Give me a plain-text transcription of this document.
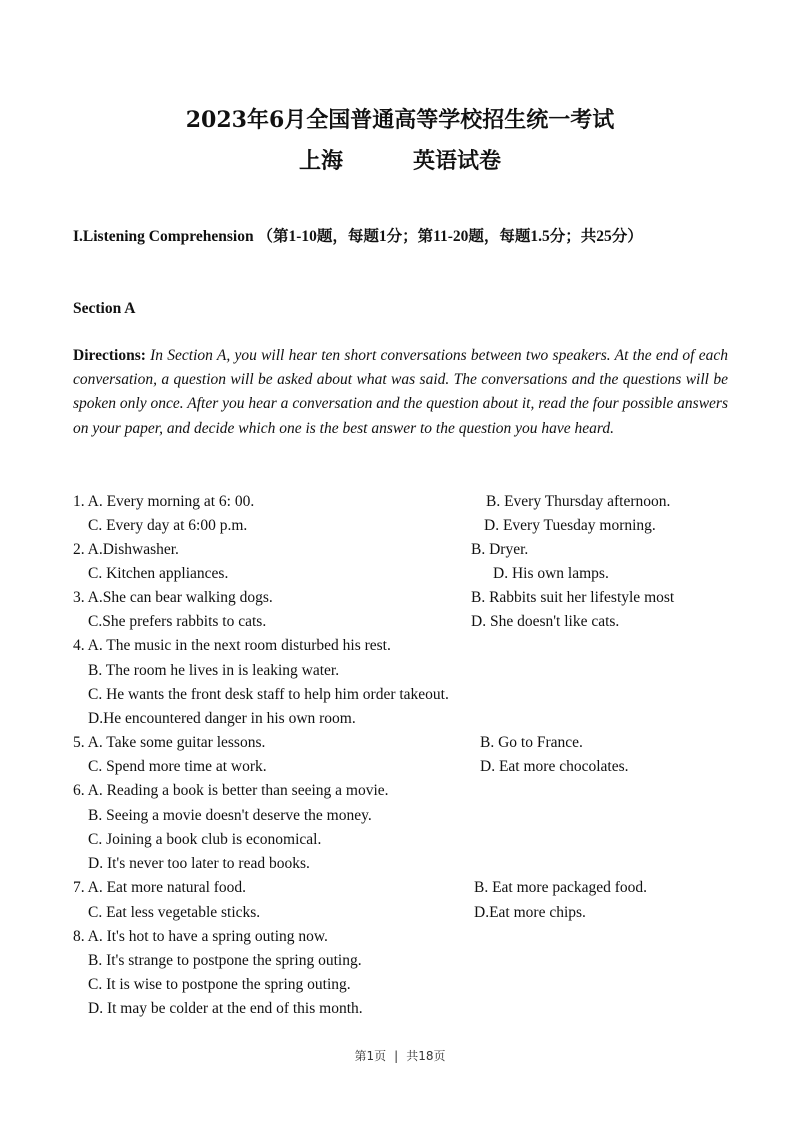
2023年6月全国普通高等学校招生统一考试
上海	英语试卷
I.Listening Comprehension （第1-10题，每题1分；第11-20题，每题1.5分；共25分）
Section A
Directions: In Section A, you will hear ten short conversations between two speakers. At the end of each conversation, a question will be asked about what was said. The conversations and the questions will be spoken only once. After you hear a conversation and the question about it, read the four possible answers on your paper, and decide which one is the best answer to the question you have heard.
1. A. Every morning at 6: 00.	B. Every Thursday afternoon.
C. Every day at 6:00 p.m.	D. Every Tuesday morning.
2. A.Dishwasher.	B. Dryer.
C. Kitchen appliances.	D. His own lamps.
3. A.She can bear walking dogs.	B. Rabbits suit her lifestyle most
C.She prefers rabbits to cats.	D. She doesn't like cats.
4. A. The music in the next room disturbed his rest.
B. The room he lives in is leaking water.
C. He wants the front desk staff to help him order takeout.
D.He encountered danger in his own room.
5. A. Take some guitar lessons.	B. Go to France.
C. Spend more time at work.	D. Eat more chocolates.
6. A. Reading a book is better than seeing a movie.
B. Seeing a movie doesn't deserve the money.
C. Joining a book club is economical.
D. It's never too later to read books.
7. A. Eat more natural food.	B. Eat more packaged food.
C. Eat less vegetable sticks.	D.Eat more chips.
8. A. It's hot to have a spring outing now.
B. It's strange to postpone the spring outing.
C. It is wise to postpone the spring outing.
D. It may be colder at the end of this month.
第1页 | 共18页
